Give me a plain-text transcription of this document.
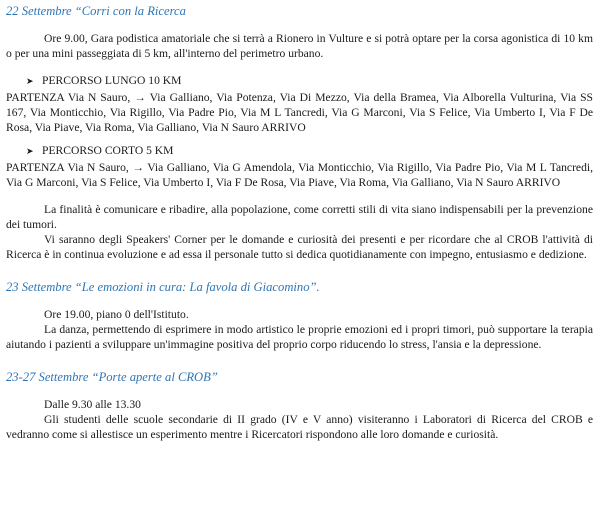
22 Settembre “Corri con la Ricerca

Ore 9.00, Gara podistica amatoriale che si terrà a Rionero in Vulture e si potrà optare per la corsa agonistica di 10 km o per una mini passeggiata di 5 km, all'interno del perimetro urbano.

➤ PERCORSO LUNGO 10 KM

PARTENZA Via N Sauro, → Via Galliano, Via Potenza, Via Di Mezzo, Via della Bramea, Via Alborella Vulturina, Via SS 167, Via Monticchio, Via Rigillo, Via Padre Pio, Via M L Tancredi, Via G Marconi, Via S Felice, Via Umberto I, Via F De Rosa, Via Piave, Via Roma, Via Galliano, Via N Sauro ARRIVO

➤ PERCORSO CORTO 5 KM

PARTENZA Via N Sauro, → Via Galliano, Via G Amendola, Via Monticchio, Via Rigillo, Via Padre Pio, Via M L Tancredi, Via G Marconi, Via S Felice, Via Umberto I, Via F De Rosa, Via Piave, Via Roma, Via Galliano, Via N Sauro ARRIVO

La finalità è comunicare e ribadire, alla popolazione, come corretti stili di vita siano indispensabili per la prevenzione dei tumori.

Vi saranno degli Speakers' Corner per le domande e curiosità dei presenti e per ricordare che al CROB l'attività di Ricerca è in continua evoluzione e ad essa il personale tutto si dedica quotidianamente con impegno, entusiasmo e dedizione.

23 Settembre “Le emozioni in cura: La favola di Giacomino”.

Ore 19.00, piano 0 dell'Istituto.

La danza, permettendo di esprimere in modo artistico le proprie emozioni ed i propri timori, può supportare la terapia aiutando i pazienti a sviluppare un'immagine positiva del proprio corpo riducendo lo stress, l'ansia e la depressione.

23-27 Settembre “Porte aperte al CROB”

Dalle 9.30 alle 13.30

Gli studenti delle scuole secondarie di II grado (IV e V anno) visiteranno i Laboratori di Ricerca del CROB e vedranno come si allestisce un esperimento mentre i Ricercatori rispondono alle loro domande e curiosità.
